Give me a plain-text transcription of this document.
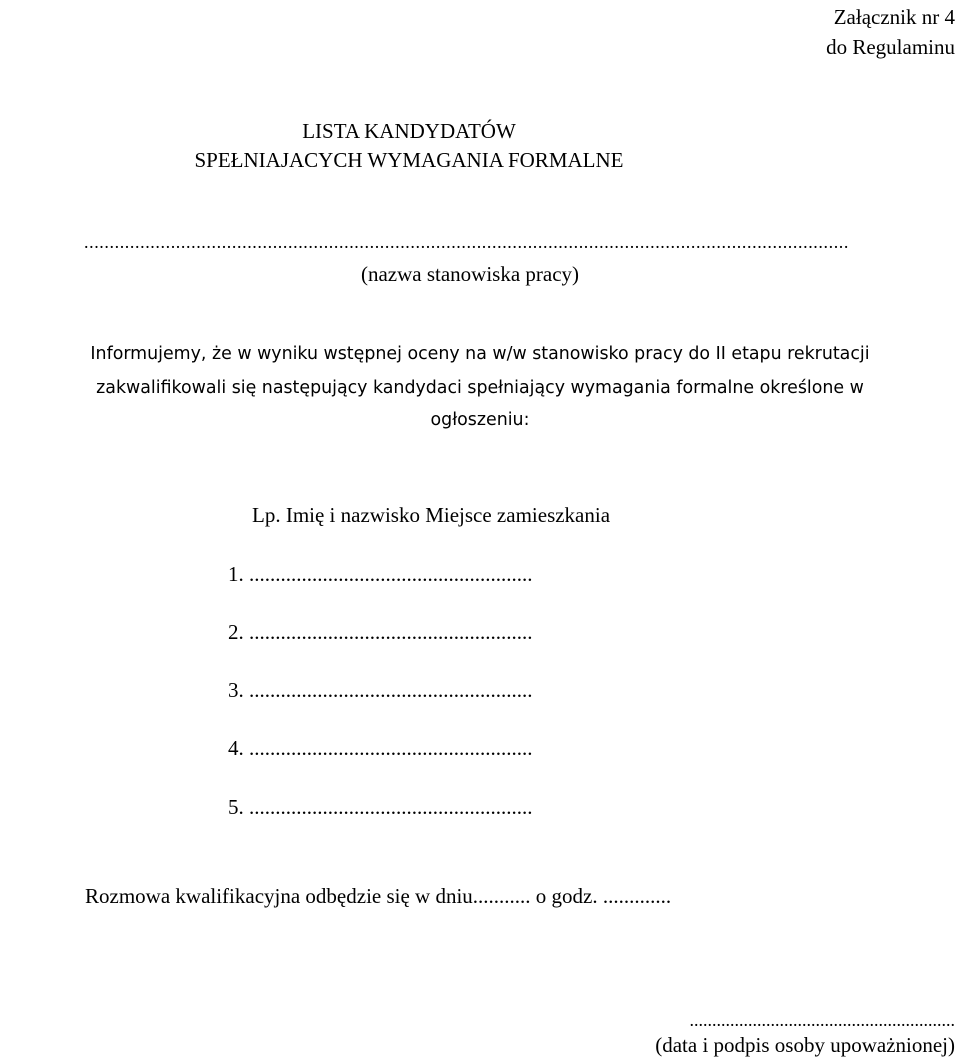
Załącznik nr 4
do Regulaminu
LISTA KANDYDATÓW
SPEŁNIAJACYCH WYMAGANIA FORMALNE
......................................................................................................................................................
(nazwa stanowiska pracy)
Informujemy, że w wyniku wstępnej oceny na w/w stanowisko pracy do II etapu rekrutacji
zakwalifikowali się następujący kandydaci spełniający wymagania formalne określone w
ogłoszeniu:
Lp. Imię i nazwisko Miejsce zamieszkania
1. ......................................................
2. ......................................................
3. ......................................................
4. ......................................................
5. ......................................................
Rozmowa kwalifikacyjna odbędzie się w dniu........... o godz. .............
...........................................................
(data i podpis osoby upoważnionej)
